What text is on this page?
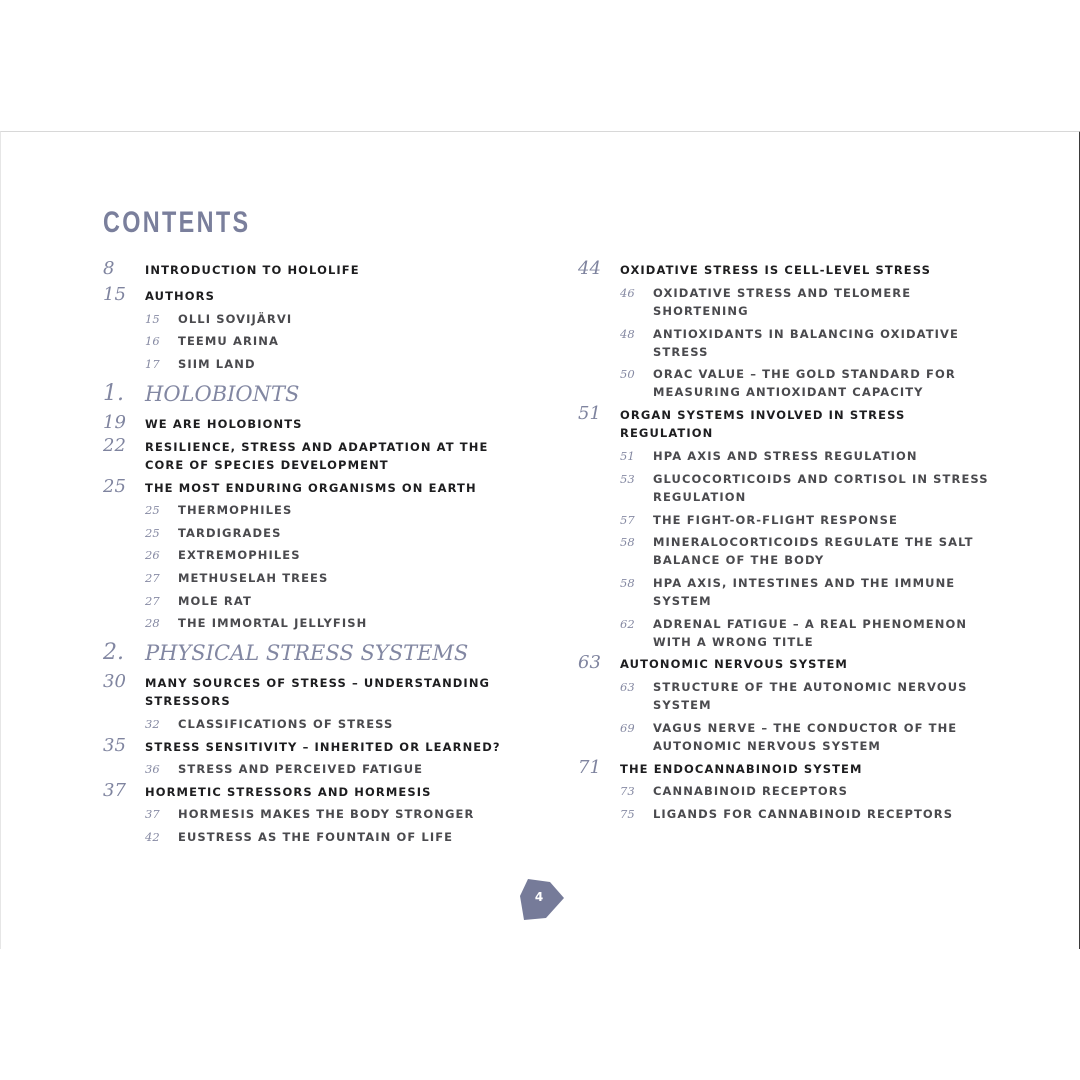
CONTENTS
8	INTRODUCTION TO HOLOLIFE
15 AUTHORS
15 OLLI SOVIJÄRVI
16 TEEMU ARINA
17 SIIM LAND
1. HOLOBIONTS
19 WE ARE HOLOBIONTS
22 RESILIENCE, STRESS AND ADAPTATION AT THE
CORE OF SPECIES DEVELOPMENT
25 THE MOST ENDURING ORGANISMS ON EARTH
25 THERMOPHILES
25 TARDIGRADES
26 EXTREMOPHILES
27 METHUSELAH TREES
27 MOLE RAT
28 THE IMMORTAL JELLYFISH
2. PHYSICAL STRESS SYSTEMS
30 MANY SOURCES OF STRESS – UNDERSTANDING
STRESSORS
32 CLASSIFICATIONS OF STRESS
35 STRESS SENSITIVITY – INHERITED OR LEARNED?
36 STRESS AND PERCEIVED FATIGUE
37 HORMETIC STRESSORS AND HORMESIS
37 HORMESIS MAKES THE BODY STRONGER
42 EUSTRESS AS THE FOUNTAIN OF LIFE
44 OXIDATIVE STRESS IS CELL-LEVEL STRESS
46 OXIDATIVE STRESS AND TELOMERE
SHORTENING
48 ANTIOXIDANTS IN BALANCING OXIDATIVE
STRESS
50 ORAC VALUE – THE GOLD STANDARD FOR
MEASURING ANTIOXIDANT CAPACITY
51 ORGAN SYSTEMS INVOLVED IN STRESS
REGULATION
51 HPA AXIS AND STRESS REGULATION
53 GLUCOCORTICOIDS AND CORTISOL IN STRESS
REGULATION
57 THE FIGHT-OR-FLIGHT RESPONSE
58 MINERALOCORTICOIDS REGULATE THE SALT
BALANCE OF THE BODY
58 HPA AXIS, INTESTINES AND THE IMMUNE
SYSTEM
62 ADRENAL FATIGUE – A REAL PHENOMENON
WITH A WRONG TITLE
63 AUTONOMIC NERVOUS SYSTEM
63 STRUCTURE OF THE AUTONOMIC NERVOUS
SYSTEM
69 VAGUS NERVE – THE CONDUCTOR OF THE
AUTONOMIC NERVOUS SYSTEM
71 THE ENDOCANNABINOID SYSTEM
73 CANNABINOID RECEPTORS
75 LIGANDS FOR CANNABINOID RECEPTORS
4
